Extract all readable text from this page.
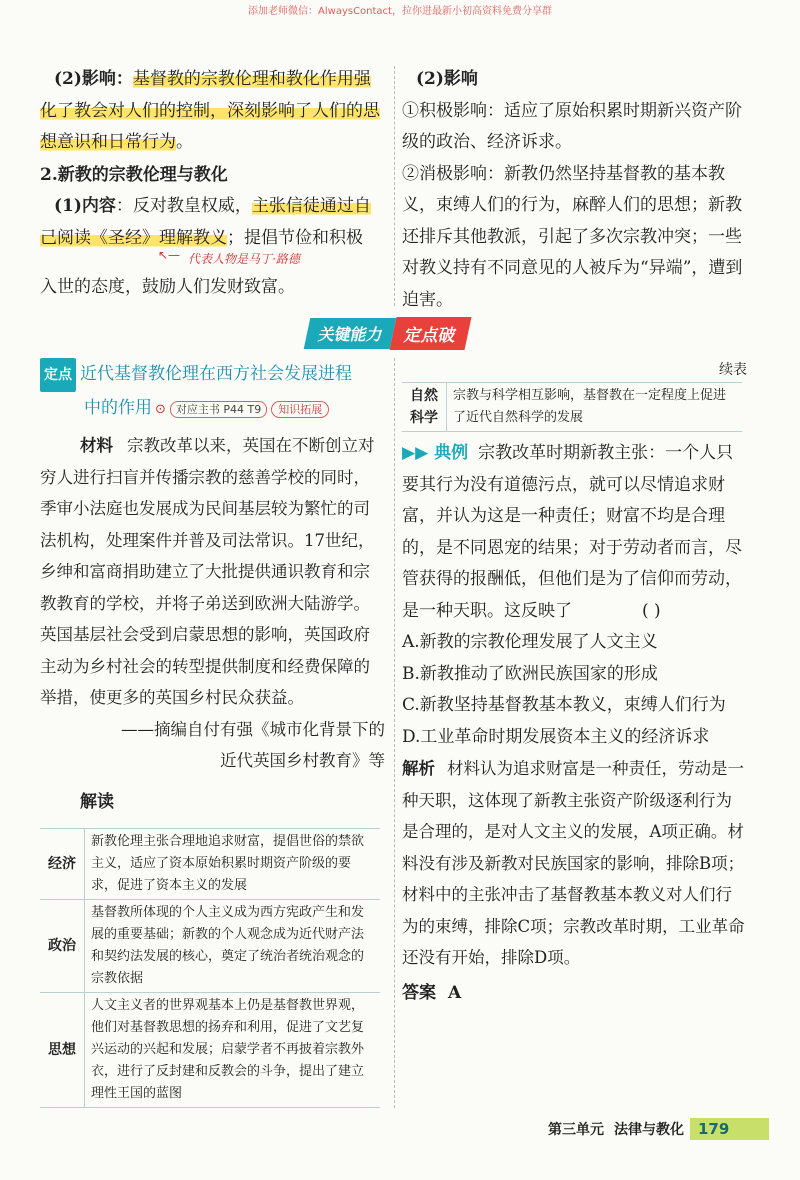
添加老师微信：AlwaysContact，拉你进最新小初高资料免费分享群

(2)影响：基督教的宗教伦理和教化作用强化了教会对人们的控制，深刻影响了人们的思想意识和日常行为。

2.新教的宗教伦理与教化

(1)内容：反对教皇权威，主张信徒通过自己阅读《圣经》理解教义；提倡节俭和积极

↖— 代表人物是马丁·路德

入世的态度，鼓励人们发财致富。

(2)影响

①积极影响：适应了原始积累时期新兴资产阶级的政治、经济诉求。

②消极影响：新教仍然坚持基督教的基本教义，束缚人们的行为，麻醉人们的思想；新教还排斥其他教派，引起了多次宗教冲突；一些对教义持有不同意见的人被斥为“异端”，遭到迫害。

关键能力	定点破
定点 近代基督教伦理在西方社会发展进程
中的作用 ⊙ 对应主书 P44 T9 知识拓展

材料 宗教改革以来，英国在不断创立对穷人进行扫盲并传播宗教的慈善学校的同时，季审小法庭也发展成为民间基层较为繁忙的司法机构，处理案件并普及司法常识。17世纪，乡绅和富商捐助建立了大批提供通识教育和宗教教育的学校，并将子弟送到欧洲大陆游学。英国基层社会受到启蒙思想的影响，英国政府主动为乡村社会的转型提供制度和经费保障的举措，使更多的英国乡村民众获益。

——摘编自付有强《城市化背景下的

近代英国乡村教育》等

解读

经济	新教伦理主张合理地追求财富，提倡世俗的禁欲主义，适应了资本原始积累时期资产阶级的要求，促进了资本主义的发展
政治	基督教所体现的个人主义成为西方宪政产生和发展的重要基础；新教的个人观念成为近代财产法和契约法发展的核心，奠定了统治者统治观念的宗教依据
思想	人文主义者的世界观基本上仍是基督教世界观，他们对基督教思想的扬弃和利用，促进了文艺复兴运动的兴起和发展；启蒙学者不再披着宗教外衣，进行了反封建和反教会的斗争，提出了建立理性王国的蓝图
续表
自然科学	宗教与科学相互影响，基督教在一定程度上促进了近代自然科学的发展

▶▶ 典例 宗教改革时期新教主张：一个人只要其行为没有道德污点，就可以尽情追求财富，并认为这是一种责任；财富不均是合理的，是不同恩宠的结果；对于劳动者而言，尽管获得的报酬低，但他们是为了信仰而劳动，是一种天职。这反映了	( )

A.新教的宗教伦理发展了人文主义

B.新教推动了欧洲民族国家的形成

C.新教坚持基督教基本教义，束缚人们行为

D.工业革命时期发展资本主义的经济诉求

解析 材料认为追求财富是一种责任，劳动是一种天职，这体现了新教主张资产阶级逐利行为是合理的，是对人文主义的发展，A项正确。材料没有涉及新教对民族国家的影响，排除B项；材料中的主张冲击了基督教基本教义对人们行为的束缚，排除C项；宗教改革时期，工业革命还没有开始，排除D项。

答案 A

第三单元 法律与教化 179
